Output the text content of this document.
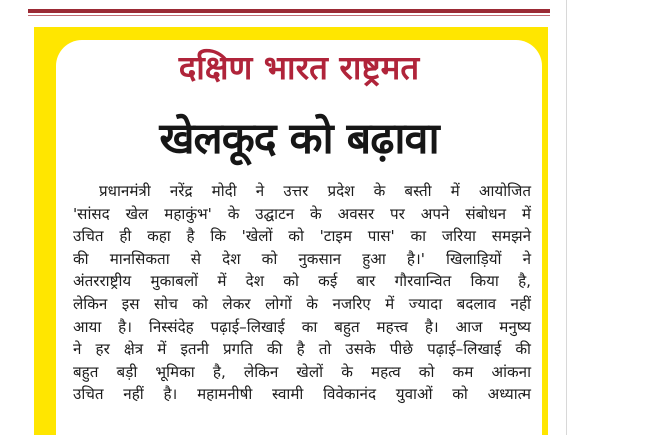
दक्षिण भारत राष्ट्रमत
खेलकूद को बढ़ावा
प्रधानमंत्री नरेंद्र मोदी ने उत्तर प्रदेश के बस्ती में आयोजित
'सांसद खेल महाकुंभ' के उद्घाटन के अवसर पर अपने संबोधन में
उचित ही कहा है कि 'खेलों को 'टाइम पास' का जरिया समझने
की मानसिकता से देश को नुकसान हुआ है।' खिलाड़ियों ने
अंतरराष्ट्रीय मुकाबलों में देश को कई बार गौरवान्वित किया है,
लेकिन इस सोच को लेकर लोगों के नजरिए में ज्यादा बदलाव नहीं
आया है। निस्संदेह पढ़ाई–लिखाई का बहुत महत्त्व है। आज मनुष्य
ने हर क्षेत्र में इतनी प्रगति की है तो उसके पीछे पढ़ाई–लिखाई की
बहुत बड़ी भूमिका है, लेकिन खेलों के महत्व को कम आंकना
उचित नहीं है। महामनीषी स्वामी विवेकानंद युवाओं को अध्यात्म
